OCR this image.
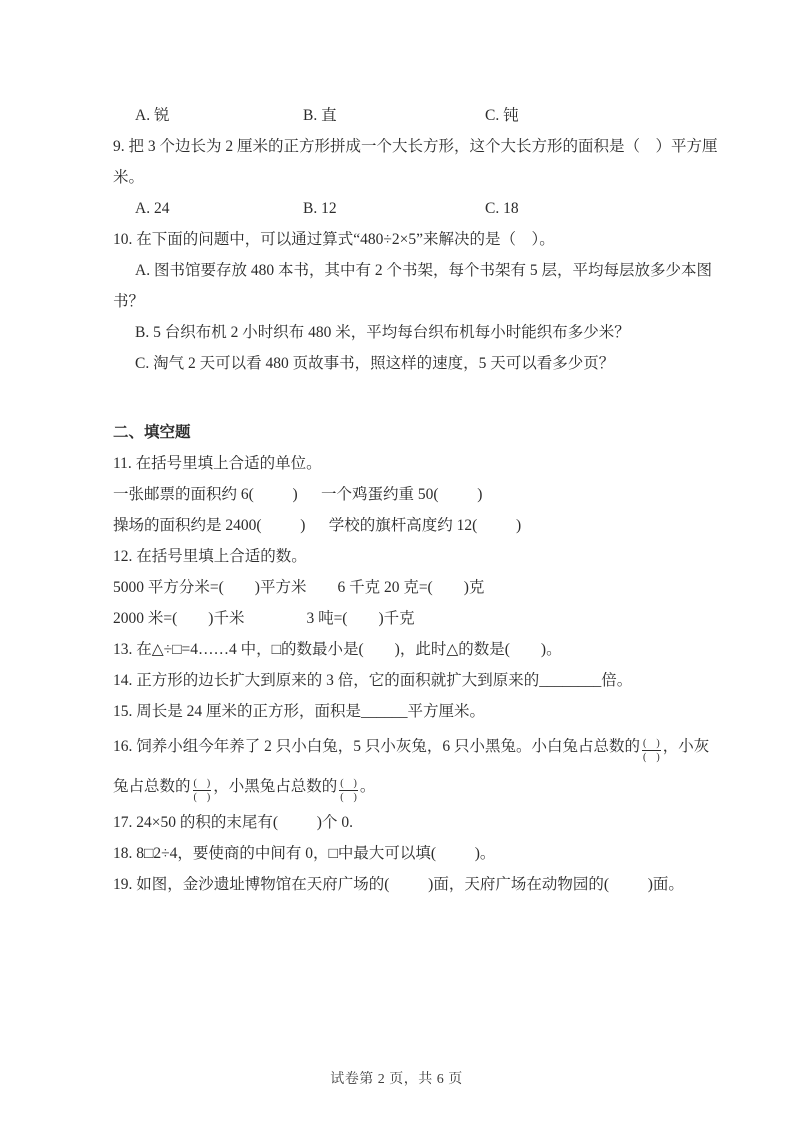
A. 锐	B. 直	C. 钝
9. 把 3 个边长为 2 厘米的正方形拼成一个大长方形，这个大长方形的面积是（　）平方厘
米。
A. 24	B. 12	C. 18
10. 在下面的问题中，可以通过算式“480÷2×5”来解决的是（　）。
A. 图书馆要存放 480 本书，其中有 2 个书架，每个书架有 5 层，平均每层放多少本图
书？
B. 5 台织布机 2 小时织布 480 米，平均每台织布机每小时能织布多少米？
C. 淘气 2 天可以看 480 页故事书，照这样的速度，5 天可以看多少页？
二、填空题
11. 在括号里填上合适的单位。
一张邮票的面积约 6(          )      一个鸡蛋约重 50(          )
操场的面积约是 2400(          )      学校的旗杆高度约 12(          )
12. 在括号里填上合适的数。
5000 平方分米=(        )平方米        6 千克 20 克=(        )克
2000 米=(        )千米                3 吨=(        )千克
13. 在△÷□=4……4 中，□的数最小是(        )，此时△的数是(        )。
14. 正方形的边长扩大到原来的 3 倍，它的面积就扩大到原来的________倍。
15. 周长是 24 厘米的正方形，面积是______平方厘米。
16. 饲养小组今年养了 2 只小白兔，5 只小灰兔，6 只小黑兔。小白兔占总数的 $\frac{( )}{( )}$ ，小灰
兔占总数的 $\frac{( )}{( )}$ ，小黑兔占总数的 $\frac{( )}{( )}$ 。
17. 24×50 的积的末尾有(          )个 0.
18. 8□2÷4，要使商的中间有 0，□中最大可以填(          )。
19. 如图，金沙遗址博物馆在天府广场的(          )面，天府广场在动物园的(          )面。
试卷第 2 页，共 6 页
